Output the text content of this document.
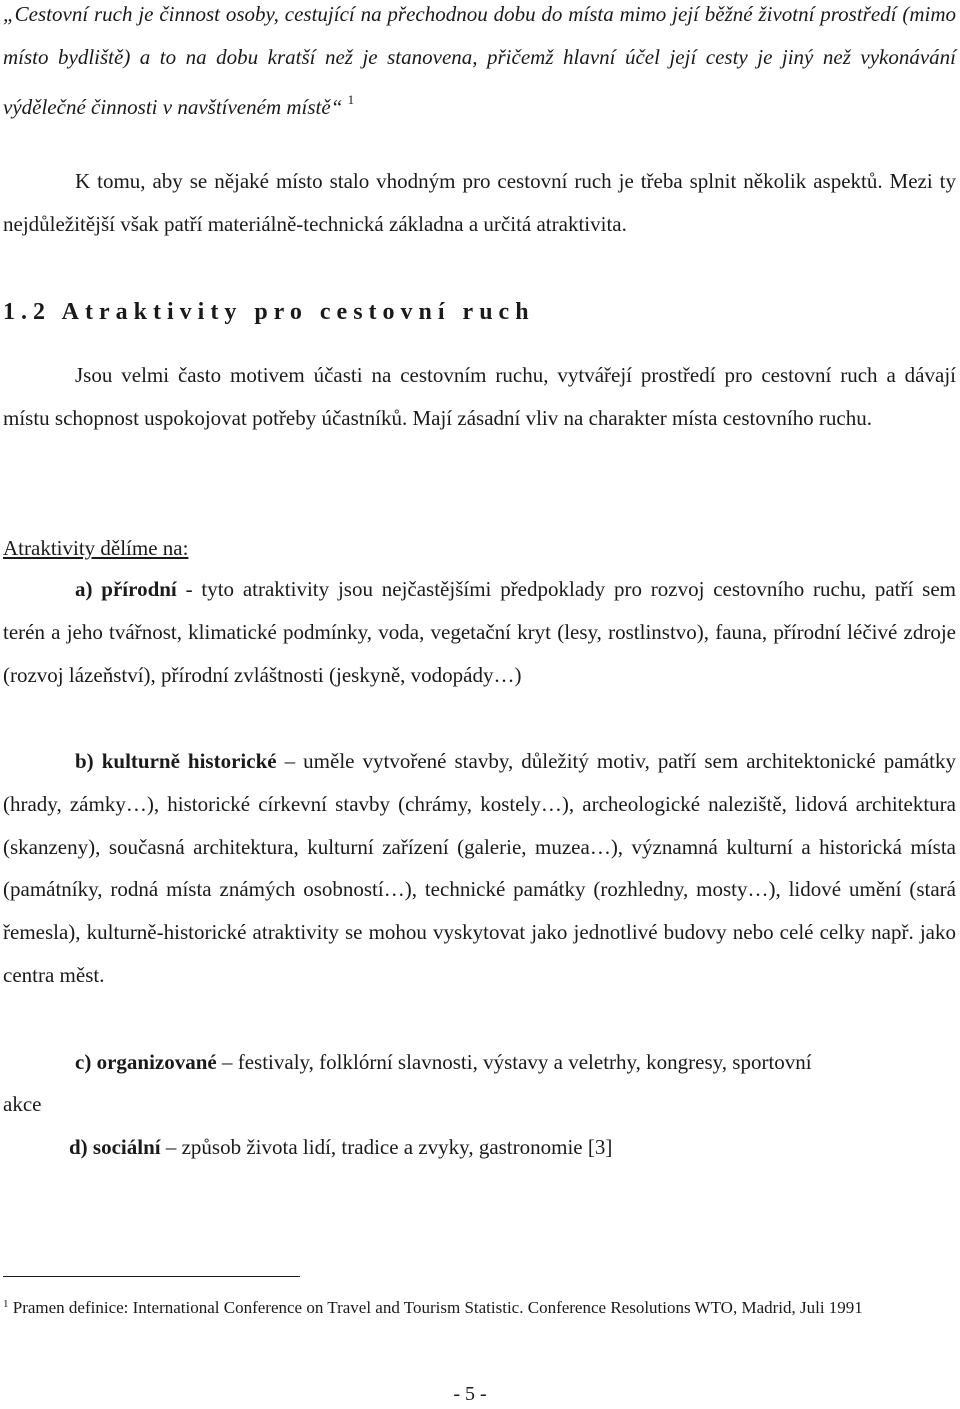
„Cestovní ruch je činnost osoby, cestující na přechodnou dobu do místa mimo její běžné životní prostředí (mimo místo bydliště) a to na dobu kratší než je stanovena, přičemž hlavní účel její cesty je jiný než vykonávání výdělečné činnosti v navštíveném místě“ $^1$

K tomu, aby se nějaké místo stalo vhodným pro cestovní ruch je třeba splnit několik aspektů. Mezi ty nejdůležitější však patří materiálně-technická základna a určitá atraktivita.

1.2 Atraktivity pro cestovní ruch

Jsou velmi často motivem účasti na cestovním ruchu, vytvářejí prostředí pro cestovní ruch a dávají místu schopnost uspokojovat potřeby účastníků. Mají zásadní vliv na charakter místa cestovního ruchu.

Atraktivity dělíme na:

a) přírodní - tyto atraktivity jsou nejčastějšími předpoklady pro rozvoj cestovního ruchu, patří sem terén a jeho tvářnost, klimatické podmínky, voda, vegetační kryt (lesy, rostlinstvo), fauna, přírodní léčivé zdroje (rozvoj lázeňství), přírodní zvláštnosti (jeskyně, vodopády…)

b) kulturně historické – uměle vytvořené stavby, důležitý motiv, patří sem architektonické památky (hrady, zámky…), historické církevní stavby (chrámy, kostely…), archeologické naleziště, lidová architektura (skanzeny), současná architektura, kulturní zařízení (galerie, muzea…), významná kulturní a historická místa (památníky, rodná místa známých osobností…), technické památky (rozhledny, mosty…), lidové umění (stará řemesla), kulturně-historické atraktivity se mohou vyskytovat jako jednotlivé budovy nebo celé celky např. jako centra měst.

c) organizované – festivaly, folklórní slavnosti, výstavy a veletrhy, kongresy, sportovní

akce

d) sociální – způsob života lidí, tradice a zvyky, gastronomie [3]

$^1$ Pramen definice: International Conference on Travel and Tourism Statistic. Conference Resolutions WTO, Madrid, Juli 1991

- 5 -
